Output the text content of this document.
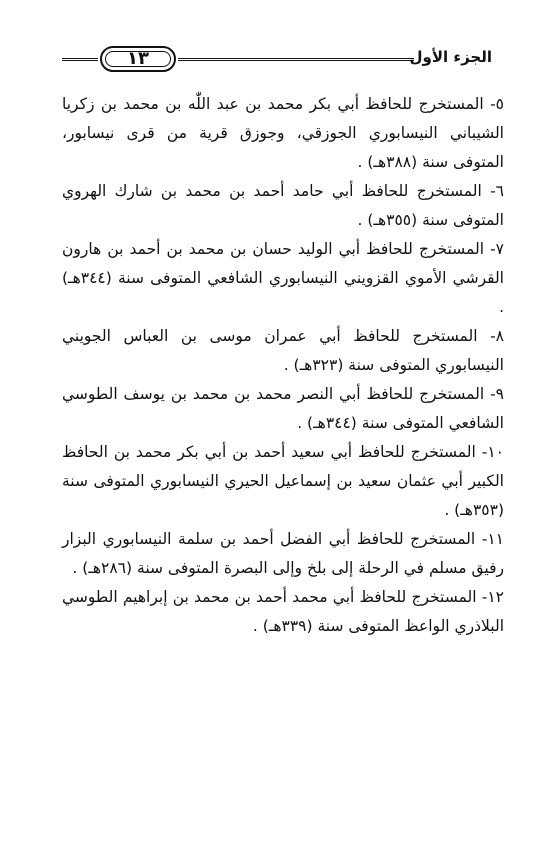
١٣	الجزء الأول

٥- المستخرج للحافظ أبي بكر محمد بن عبد اللّٰه بن محمد بن زكريا الشيباني النيسابوري الجوزقي، وجوزق قرية من قرى نيسابور، المتوفى سنة (٣٨٨هـ) .

٦- المستخرج للحافظ أبي حامد أحمد بن محمد بن شارك الهروي المتوفى سنة (٣٥٥هـ) .

٧- المستخرج للحافظ أبي الوليد حسان بن محمد بن أحمد بن هارون القرشي الأموي القزويني النيسابوري الشافعي المتوفى سنة (٣٤٤هـ) .

٨- المستخرج للحافظ أبي عمران موسى بن العباس الجويني النيسابوري المتوفى سنة (٣٢٣هـ) .

٩- المستخرج للحافظ أبي النصر محمد بن محمد بن يوسف الطوسي الشافعي المتوفى سنة (٣٤٤هـ) .

١٠- المستخرج للحافظ أبي سعيد أحمد بن أبي بكر محمد بن الحافظ الكبير أبي عثمان سعيد بن إسماعيل الحيري النيسابوري المتوفى سنة (٣٥٣هـ) .

١١- المستخرج للحافظ أبي الفضل أحمد بن سلمة النيسابوري البزار رفيق مسلم في الرحلة إلى بلخ وإلى البصرة المتوفى سنة (٢٨٦هـ) .

١٢- المستخرج للحافظ أبي محمد أحمد بن محمد بن إبراهيم الطوسي البلاذري الواعظ المتوفى سنة (٣٣٩هـ) .
